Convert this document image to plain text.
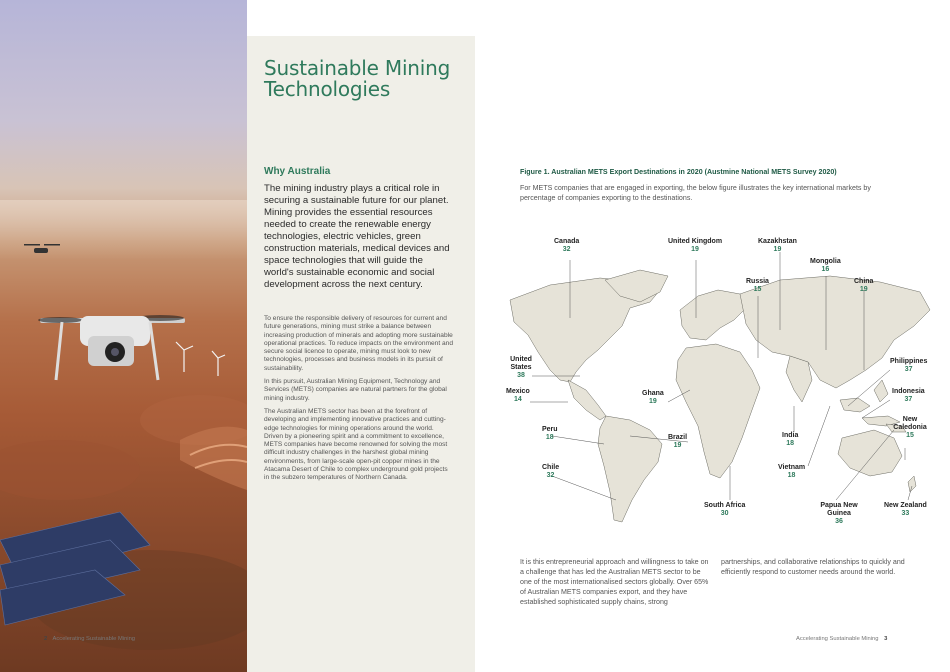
Sustainable Mining Technologies
Why Australia

The mining industry plays a critical role in securing a sustainable future for our planet. Mining provides the essential resources needed to create the renewable energy technologies, electric vehicles, green construction materials, medical devices and space technologies that will guide the world's sustainable economic and social development across the next century.

To ensure the responsible delivery of resources for current and future generations, mining must strike a balance between increasing production of minerals and adopting more sustainable operational practices. To reduce impacts on the environment and secure social licence to operate, mining must look to new technologies, processes and business models in its pursuit of sustainability.

In this pursuit, Australian Mining Equipment, Technology and Services (METS) companies are natural partners for the global mining industry.

The Australian METS sector has been at the forefront of developing and implementing innovative practices and cutting-edge technologies for mining operations around the world. Driven by a pioneering spirit and a commitment to excellence, METS companies have become renowned for solving the most difficult industry challenges in the harshest global mining environments, from large-scale open-pit copper mines in the Atacama Desert of Chile to complex underground gold projects in the subzero temperatures of Northern Canada.

Figure 1. Australian METS Export Destinations in 2020 (Austmine National METS Survey 2020)

For METS companies that are engaged in exporting, the below figure illustrates the key international markets by percentage of companies exporting to the destinations.

Canada
32
United Kingdom
19
Kazakhstan
19
Mongolia
16
Russia
15
China
19
United States
38
Philippines
37
Mexico
14
Ghana
19
Indonesia
37
New Caledonia
15
Peru
18	Brazil
19
India
18
Chile
32
Vietnam
18
South Africa
30
Papua New Guinea
36
New Zealand
33

It is this entrepreneurial approach and willingness to take on a challenge that has led the Australian METS sector to be one of the most internationalised sectors globally. Over 65% of Australian METS companies export, and they have established sophisticated supply chains, strong

partnerships, and collaborative relationships to quickly and efficiently respond to customer needs around the world.

2 Accelerating Sustainable Mining	Accelerating Sustainable Mining 3
